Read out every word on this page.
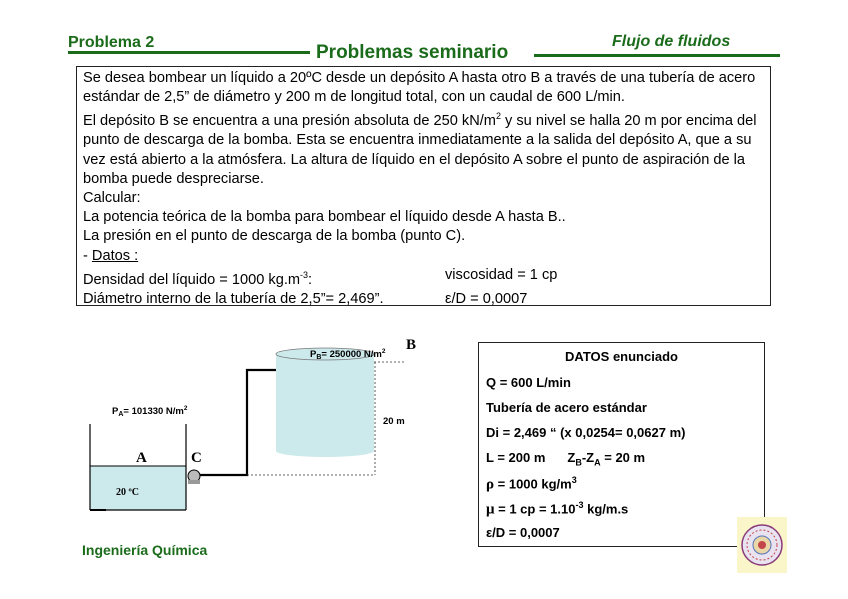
Problema 2	Problemas seminario
Flujo de fluidos

Se desea bombear un líquido a 20ºC desde un depósito A hasta otro B a través de una tubería de acero estándar de 2,5” de diámetro y 200 m de longitud total, con un caudal de 600 L/min.

El depósito B se encuentra a una presión absoluta de 250 $kN/m^2$ y su nivel se halla 20 m por encima del punto de descarga de la bomba. Esta se encuentra inmediatamente a la salida del depósito A, que a su vez está abierto a la atmósfera. La altura de líquido en el depósito A sobre el punto de aspiración de la bomba puede despreciarse.

Calcular:

La potencia teórica de la bomba para bombear el líquido desde A hasta B..

La presión en el punto de descarga de la bomba (punto C).

- Datos :

Densidad del líquido = 1000 $kg.m^{-3}$:	viscosidad = 1 cp
Diámetro interno de la tubería de 2,5”= 2,469”.	ε/D = 0,0007
$P_A= 101330$ $N/m^2$
$P_B= 250000$ $N/m^2$
A
B
C
20 ºC
20 m
DATOS enunciado
Q = 600 L/min
Tubería de acero estándar
Di = 2,469 “ (x 0,0254= 0,0627 m)
L = 200 m $Z_B-Z_A = 20$ m
ρ = 1000 $kg/m^3$
μ = 1 cp = $1.10^{-3}$ kg/m.s
ε/D = 0,0007
Ingeniería Química
